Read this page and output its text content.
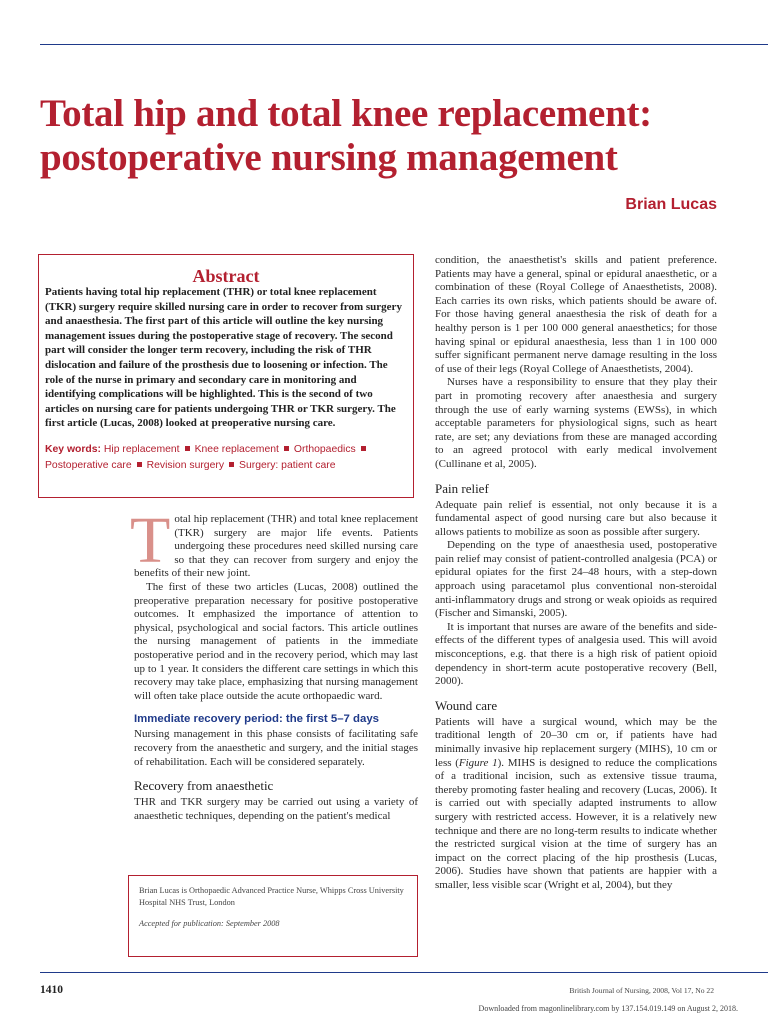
Total hip and total knee replacement:
postoperative nursing management
Brian Lucas
Abstract

Patients having total hip replacement (THR) or total knee replacement (TKR) surgery require skilled nursing care in order to recover from surgery and anaesthesia. The first part of this article will outline the key nursing management issues during the postoperative stage of recovery. The second part will consider the longer term recovery, including the risk of THR dislocation and failure of the prosthesis due to loosening or infection. The role of the nurse in primary and secondary care in monitoring and identifying complications will be highlighted. This is the second of two articles on nursing care for patients undergoing THR or TKR surgery. The first article (Lucas, 2008) looked at preoperative nursing care.

Key words: Hip replacement Knee replacement Orthopaedics
Postoperative care Revision surgery Surgery: patient care

Total hip replacement (THR) and total knee replacement (TKR) surgery are major life events. Patients undergoing these procedures need skilled nursing care so that they can recover from surgery and enjoy the benefits of their new joint.

The first of these two articles (Lucas, 2008) outlined the preoperative preparation necessary for positive postoperative outcomes. It emphasized the importance of attention to physical, psychological and social factors. This article outlines the nursing management of patients in the immediate postoperative period and in the recovery period, which may last up to 1 year. It considers the different care settings in which this recovery may take place, emphasizing that nursing management will often take place outside the acute orthopaedic ward.

Immediate recovery period: the first 5–7 days

Nursing management in this phase consists of facilitating safe recovery from the anaesthetic and surgery, and the initial stages of rehabilitation. Each will be considered separately.

Recovery from anaesthetic

THR and TKR surgery may be carried out using a variety of anaesthetic techniques, depending on the patient's medical

Brian Lucas is Orthopaedic Advanced Practice Nurse, Whipps Cross University Hospital NHS Trust, London
Accepted for publication: September 2008

condition, the anaesthetist's skills and patient preference. Patients may have a general, spinal or epidural anaesthetic, or a combination of these (Royal College of Anaesthetists, 2008). Each carries its own risks, which patients should be aware of. For those having general anaesthesia the risk of death for a healthy person is 1 per 100 000 general anaesthetics; for those having spinal or epidural anaesthesia, less than 1 in 100 000 suffer significant permanent nerve damage resulting in the loss of use of their legs (Royal College of Anaesthetists, 2004).

Nurses have a responsibility to ensure that they play their part in promoting recovery after anaesthesia and surgery through the use of early warning systems (EWSs), in which acceptable parameters for physiological signs, such as heart rate, are set; any deviations from these are managed according to an agreed protocol with early medical involvement (Cullinane et al, 2005).

Pain relief

Adequate pain relief is essential, not only because it is a fundamental aspect of good nursing care but also because it allows patients to mobilize as soon as possible after surgery.

Depending on the type of anaesthesia used, postoperative pain relief may consist of patient-controlled analgesia (PCA) or epidural opiates for the first 24–48 hours, with a step-down approach using paracetamol plus conventional non-steroidal anti-inflammatory drugs and strong or weak opioids as required (Fischer and Simanski, 2005).

It is important that nurses are aware of the benefits and side-effects of the different types of analgesia used. This will avoid misconceptions, e.g. that there is a high risk of patient opioid dependency in short-term acute postoperative recovery (Bell, 2000).

Wound care

Patients will have a surgical wound, which may be the traditional length of 20–30 cm or, if patients have had minimally invasive hip replacement surgery (MIHS), 10 cm or less (Figure 1). MIHS is designed to reduce the complications of a traditional incision, such as extensive tissue trauma, thereby promoting faster healing and recovery (Lucas, 2006). It is carried out with specially adapted instruments to allow surgery with restricted access. However, it is a relatively new technique and there are no long-term results to indicate whether the restricted surgical vision at the time of surgery has an impact on the correct placing of the hip prosthesis (Lucas, 2006). Studies have shown that patients are happier with a smaller, less visible scar (Wright et al, 2004), but they

1410	British Journal of Nursing, 2008, Vol 17, No 22
Downloaded from magonlinelibrary.com by 137.154.019.149 on August 2, 2018.
